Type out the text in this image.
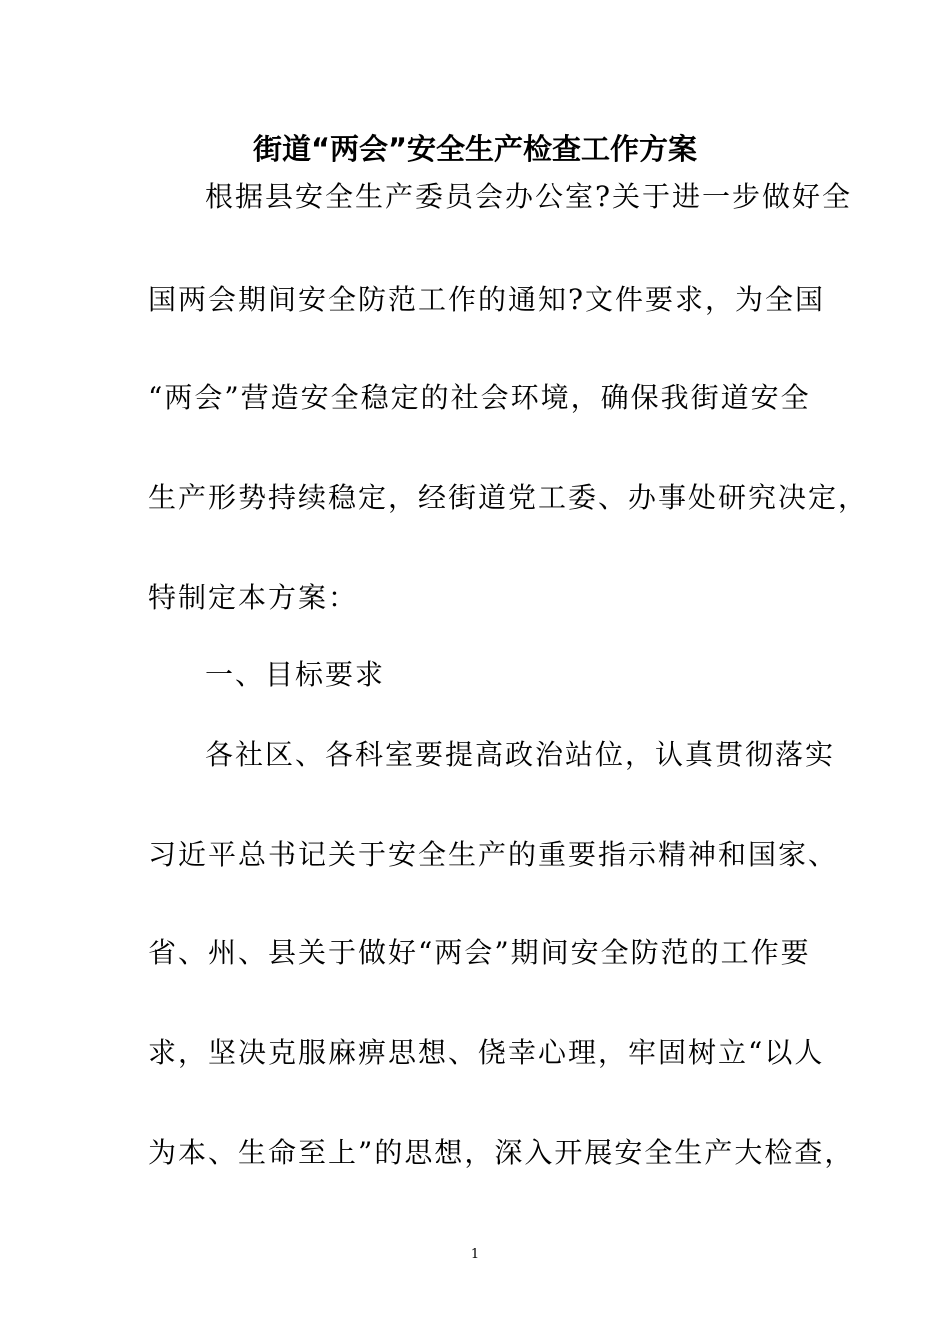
街道“两会”安全生产检查工作方案
根据县安全生产委员会办公室?关于进一步做好全
国两会期间安全防范工作的通知?文件要求，为全国
“两会”营造安全稳定的社会环境，确保我街道安全
生产形势持续稳定，经街道党工委、办事处研究决定，
特制定本方案：
一、目标要求
各社区、各科室要提高政治站位，认真贯彻落实
习近平总书记关于安全生产的重要指示精神和国家、
省、州、县关于做好“两会”期间安全防范的工作要
求，坚决克服麻痹思想、侥幸心理，牢固树立“以人
为本、生命至上”的思想，深入开展安全生产大检查，
1
